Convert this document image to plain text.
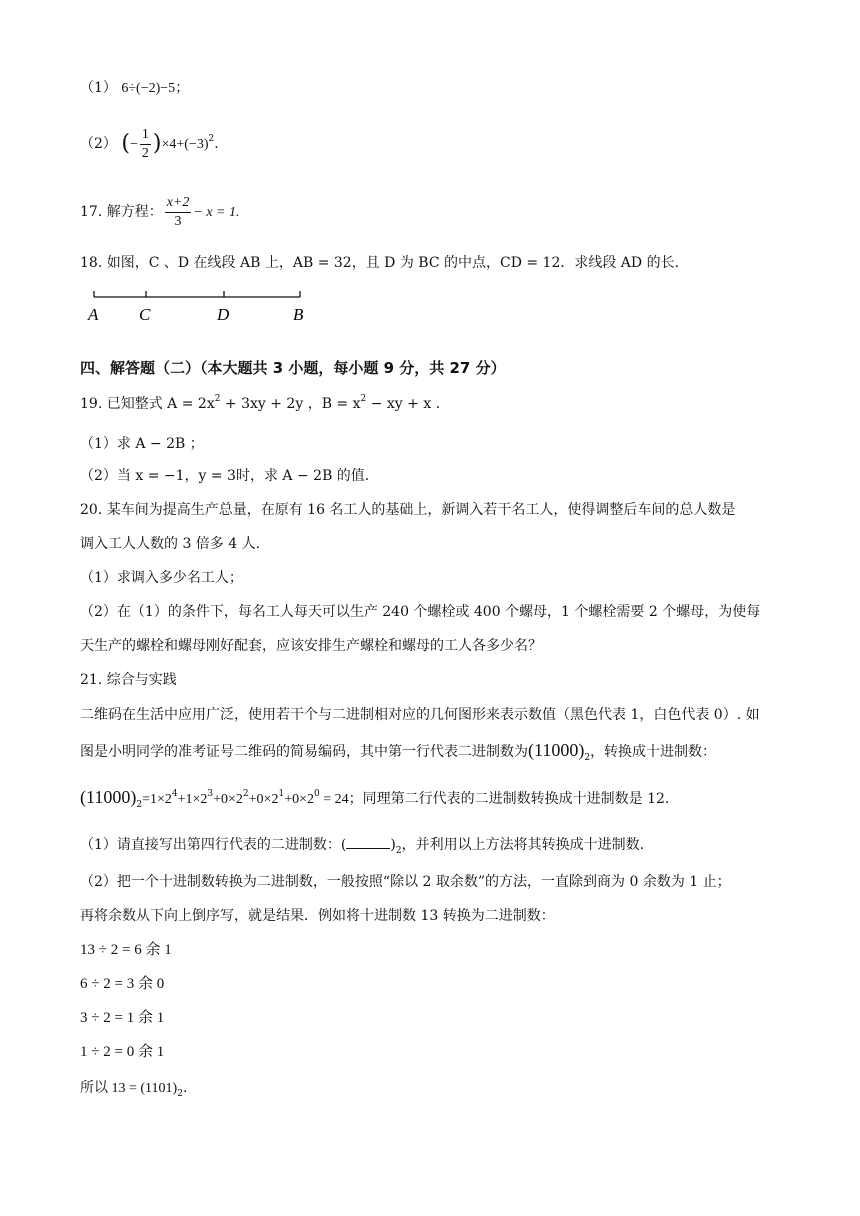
（1） 6÷(−2)−5；
（2） (− $\frac{1}{2} )\times 4+(-3)^2$.
17. 解方程： $\frac{x+2}{3} - x = 1$.
18. 如图，C 、D 在线段 AB 上，AB = 32，且 D 为 BC 的中点，CD = 12．求线段 AD 的长.
A C	D	B
四、解答题（二）（本大题共 3 小题，每小题 9 分，共 27 分）
19. 已知整式 $A = 2x^2 + 3xy + 2y$ ，$B = x^2$ − xy + x .
（1）求 A − 2B ；
（2）当 x = −1，y = 3时，求 A − 2B 的值.
20. 某车间为提高生产总量，在原有 16 名工人的基础上，新调入若干名工人，使得调整后车间的总人数是
调入工人人数的 3 倍多 4 人.
（1）求调入多少名工人；
（2）在（1）的条件下，每名工人每天可以生产 240 个螺栓或 400 个螺母，1 个螺栓需要 2 个螺母，为使每
天生产的螺栓和螺母刚好配套，应该安排生产螺栓和螺母的工人各多少名？
21. 综合与实践
二维码在生活中应用广泛，使用若干个与二进制相对应的几何图形来表示数值（黑色代表 1，白色代表 0）. 如
图是小明同学的准考证号二维码的简易编码，其中第一行代表二进制数为$(11000)_2$，转换成十进制数：
$(11000)_2=1\times 2^4+1\times 2^3+0\times 2^2+0\times 2^1+0\times 2^0 = 24$；同理第二行代表的二进制数转换成十进制数是 12.
（1）请直接写出第四行代表的二进制数：(	)$_2$，并利用以上方法将其转换成十进制数.
（2）把一个十进制数转换为二进制数，一般按照“除以 2 取余数”的方法，一直除到商为 0 余数为 1 止；
再将余数从下向上倒序写，就是结果．例如将十进制数 13 转换为二进制数：
13 ÷ 2 = 6 余 1
6 ÷ 2 = 3 余 0
3 ÷ 2 = 1 余 1
1 ÷ 2 = 0 余 1
所以 $13 = (1101)_2$.
